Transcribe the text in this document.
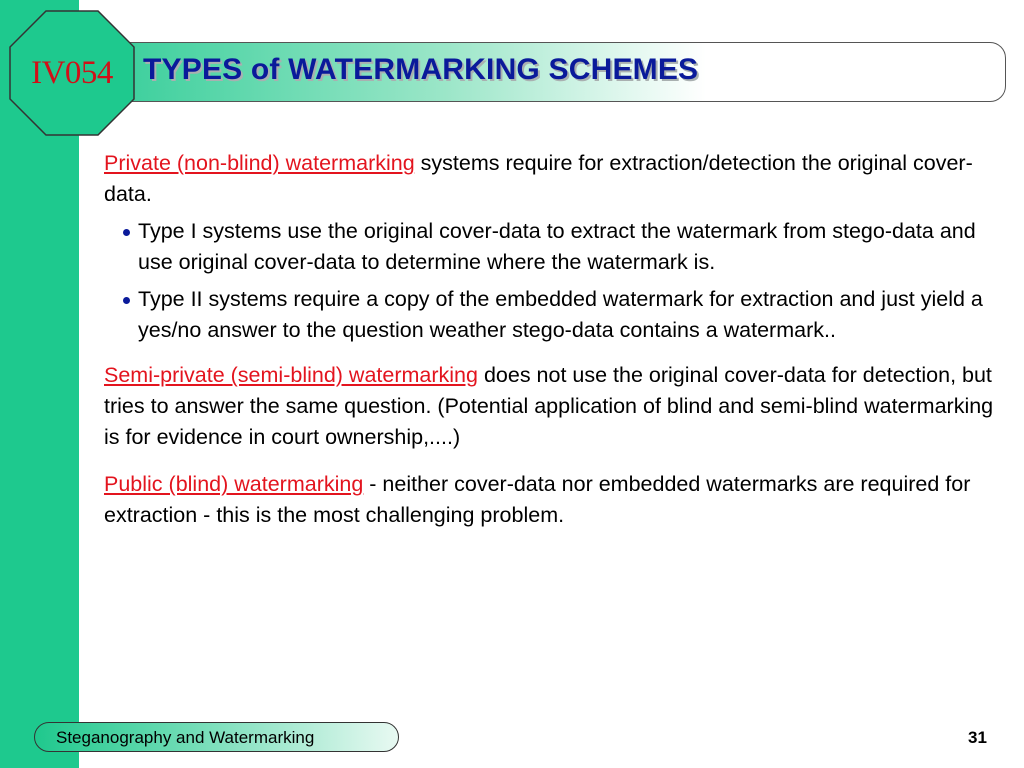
IV054	TYPES of WATERMARKING SCHEMES

Private (non-blind) watermarking systems require for extraction/detection the original cover-data.

Type I systems use the original cover-data to extract the watermark from stego-data and use original cover-data to determine where the watermark is.
Type II systems require a copy of the embedded watermark for extraction and just yield a yes/no answer to the question weather stego-data contains a watermark..

Semi-private (semi-blind) watermarking does not use the original cover-data for detection, but tries to answer the same question. (Potential application of blind and semi-blind watermarking is for evidence in court ownership,....)

Public (blind) watermarking - neither cover-data nor embedded watermarks are required for extraction - this is the most challenging problem.

Steganography and Watermarking	31
